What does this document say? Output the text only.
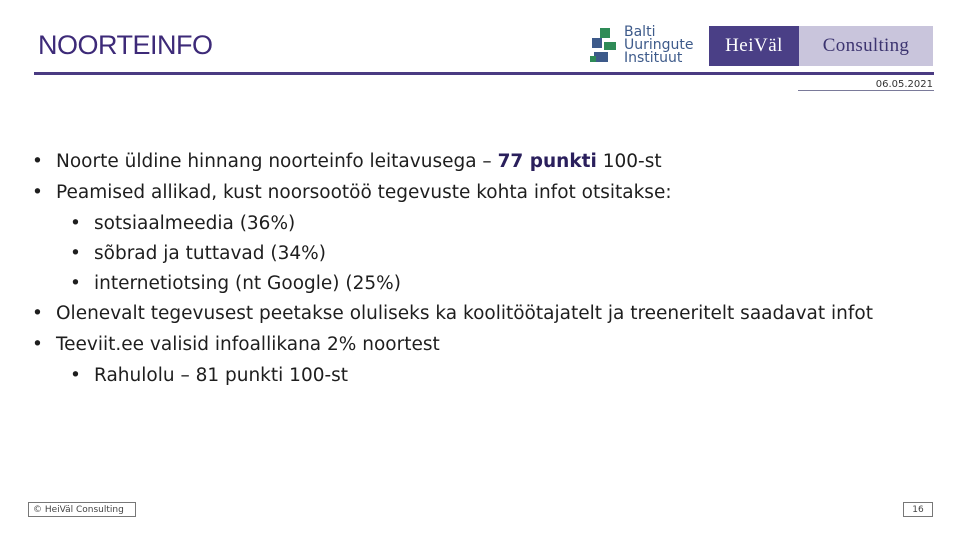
NOORTEINFO	Balti
Uuringute
Instituut
HeiVäl Consulting
06.05.2021
• Noorte üldine hinnang noorteinfo leitavusega – 77 punkti 100-st
• Peamised allikad, kust noorsootöö tegevuste kohta infot otsitakse:
• sotsiaalmeedia (36%)
• sõbrad ja tuttavad (34%)
• internetiotsing (nt Google) (25%)
• Olenevalt tegevusest peetakse oluliseks ka koolitöötajatelt ja treeneritelt saadavat infot
• Teeviit.ee valisid infoallikana 2% noortest
• Rahulolu – 81 punkti 100-st
© HeiVäl Consulting	16
